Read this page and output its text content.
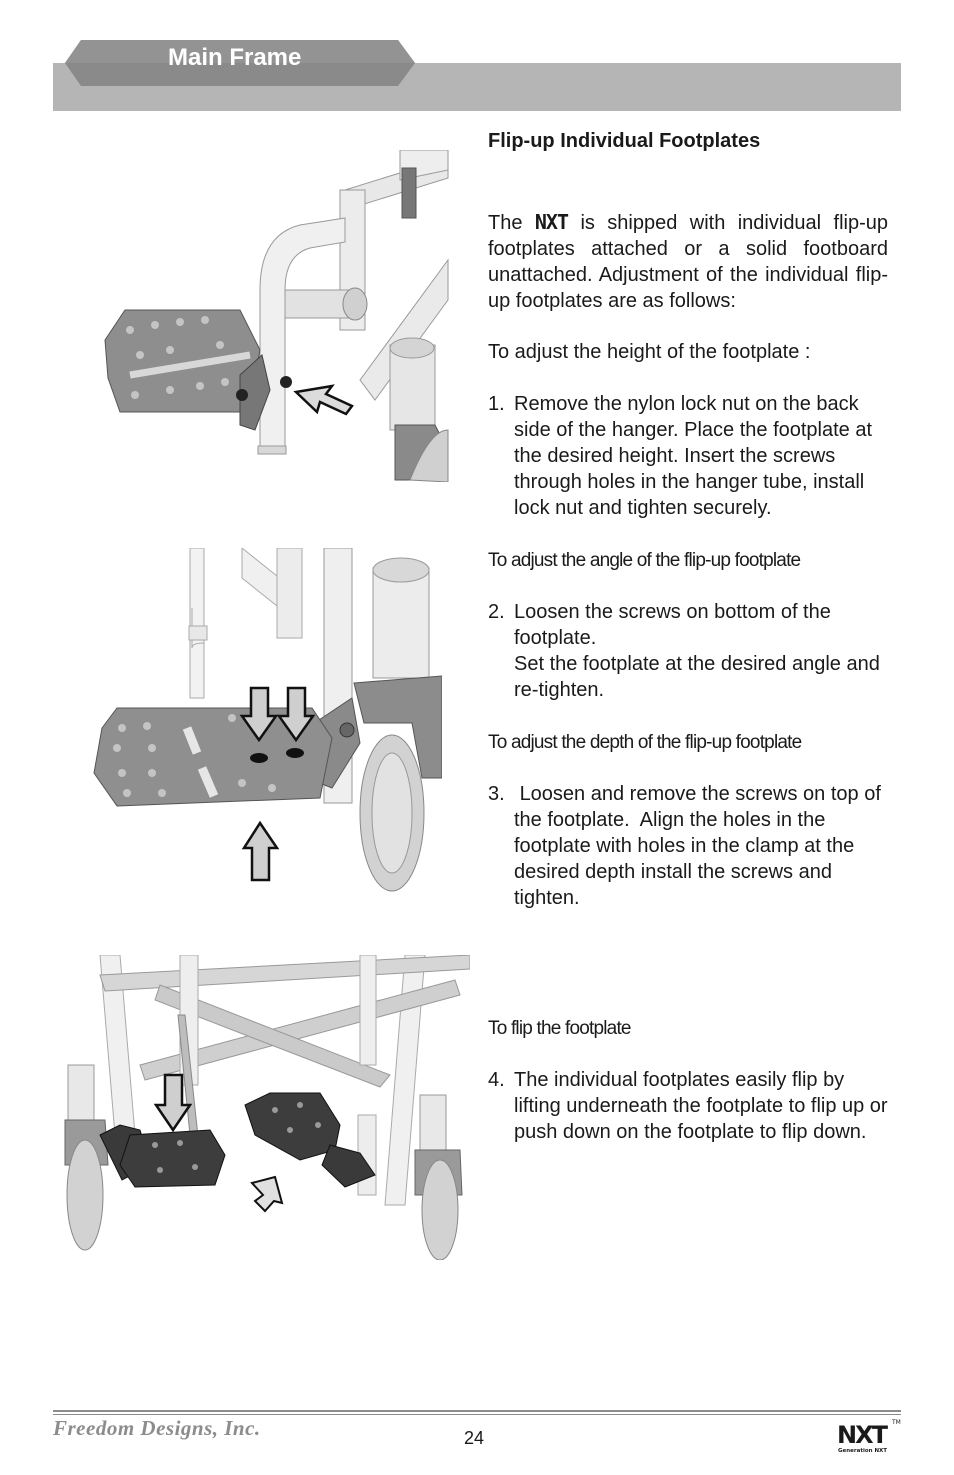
Main Frame
Flip-up Individual Footplates
The NXT is shipped with individual flip-up footplates attached or a solid footboard unattached. Adjustment of the individual flip-up footplates are as follows:
To adjust the height of the footplate :
1. Remove the nylon lock nut on the back side of the hanger. Place the footplate at the desired height. Insert the screws through holes in the hanger tube, install lock nut and tighten securely.
To adjust the angle of the flip-up footplate
2. Loosen the screws on bottom of the footplate.
Set the footplate at the desired angle and re-tighten.
To adjust the depth of the flip-up footplate
3. Loosen and remove the screws on top of the footplate.  Align the holes in the footplate with holes in the clamp at the desired depth install the screws and tighten.
To flip the footplate
4. The individual footplates easily flip by lifting underneath the footplate to flip up or push down on the footplate to flip down.
Freedom Designs, Inc.	24	NXT	TM
Generation NXT
